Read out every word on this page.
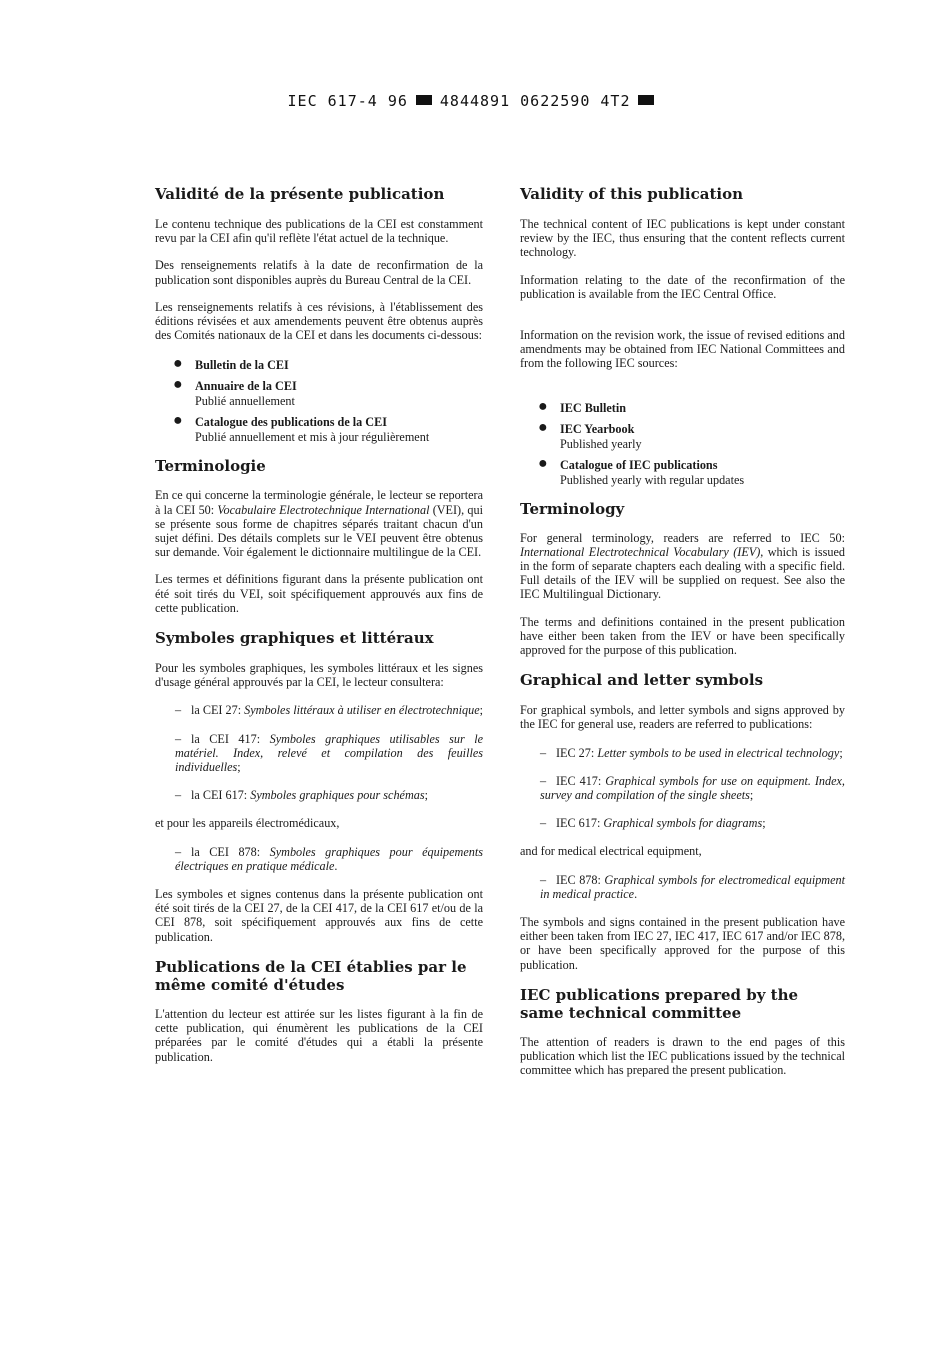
IEC 617-4 96 4844891 0622590 4T2
Validité de la présente publication

Le contenu technique des publications de la CEI est constamment revu par la CEI afin qu'il reflète l'état actuel de la technique.

Des renseignements relatifs à la date de reconfirmation de la publication sont disponibles auprès du Bureau Central de la CEI.

Les renseignements relatifs à ces révisions, à l'établissement des éditions révisées et aux amendements peuvent être obtenus auprès des Comités nationaux de la CEI et dans les documents ci-dessous:

● Bulletin de la CEI
● Annuaire de la CEI
Publié annuellement
● Catalogue des publications de la CEI
Publié annuellement et mis à jour régulièrement
Terminologie

En ce qui concerne la terminologie générale, le lecteur se reportera à la CEI 50: Vocabulaire Electrotechnique International (VEI), qui se présente sous forme de chapitres séparés traitant chacun d'un sujet défini. Des détails complets sur le VEI peuvent être obtenus sur demande. Voir également le dictionnaire multilingue de la CEI.

Les termes et définitions figurant dans la présente publication ont été soit tirés du VEI, soit spécifiquement approuvés aux fins de cette publication.

Symboles graphiques et littéraux

Pour les symboles graphiques, les symboles littéraux et les signes d'usage général approuvés par la CEI, le lecteur consultera:

– la CEI 27: Symboles littéraux à utiliser en électrotechnique;

– la CEI 417: Symboles graphiques utilisables sur le matériel. Index, relevé et compilation des feuilles individuelles;

– la CEI 617: Symboles graphiques pour schémas;

et pour les appareils électromédicaux,

– la CEI 878: Symboles graphiques pour équipements électriques en pratique médicale.

Les symboles et signes contenus dans la présente publication ont été soit tirés de la CEI 27, de la CEI 417, de la CEI 617 et/ou de la CEI 878, soit spécifiquement approuvés aux fins de cette publication.

Publications de la CEI établies par le même comité d'études

L'attention du lecteur est attirée sur les listes figurant à la fin de cette publication, qui énumèrent les publications de la CEI préparées par le comité d'études qui a établi la présente publication.

Validity of this publication

The technical content of IEC publications is kept under constant review by the IEC, thus ensuring that the content reflects current technology.

Information relating to the date of the reconfirmation of the publication is available from the IEC Central Office.

Information on the revision work, the issue of revised editions and amendments may be obtained from IEC National Committees and from the following IEC sources:

● IEC Bulletin
● IEC Yearbook
Published yearly
● Catalogue of IEC publications
Published yearly with regular updates
Terminology

For general terminology, readers are referred to IEC 50: International Electrotechnical Vocabulary (IEV), which is issued in the form of separate chapters each dealing with a specific field. Full details of the IEV will be supplied on request. See also the IEC Multilingual Dictionary.

The terms and definitions contained in the present publication have either been taken from the IEV or have been specifically approved for the purpose of this publication.

Graphical and letter symbols

For graphical symbols, and letter symbols and signs approved by the IEC for general use, readers are referred to publications:

– IEC 27: Letter symbols to be used in electrical technology;

– IEC 417: Graphical symbols for use on equipment. Index, survey and compilation of the single sheets;

– IEC 617: Graphical symbols for diagrams;

and for medical electrical equipment,

– IEC 878: Graphical symbols for electromedical equipment in medical practice.

The symbols and signs contained in the present publication have either been taken from IEC 27, IEC 417, IEC 617 and/or IEC 878, or have been specifically approved for the purpose of this publication.

IEC publications prepared by the same technical committee

The attention of readers is drawn to the end pages of this publication which list the IEC publications issued by the technical committee which has prepared the present publication.
